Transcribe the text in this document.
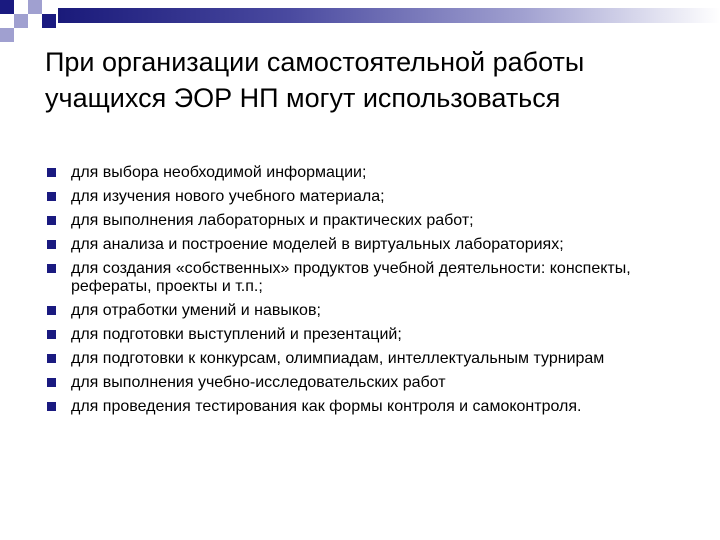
При организации самостоятельной работы учащихся ЭОР НП могут использоваться
для выбора необходимой информации;
для изучения нового учебного материала;
для выполнения лабораторных и практических работ;
для анализа и построение моделей в виртуальных лабораториях;
для создания «собственных» продуктов учебной деятельности: конспекты, рефераты, проекты и т.п.;
для отработки умений и навыков;
для подготовки выступлений и презентаций;
для подготовки к конкурсам, олимпиадам, интеллектуальным турнирам
для выполнения учебно-исследовательских работ
для проведения тестирования как формы контроля и самоконтроля.
